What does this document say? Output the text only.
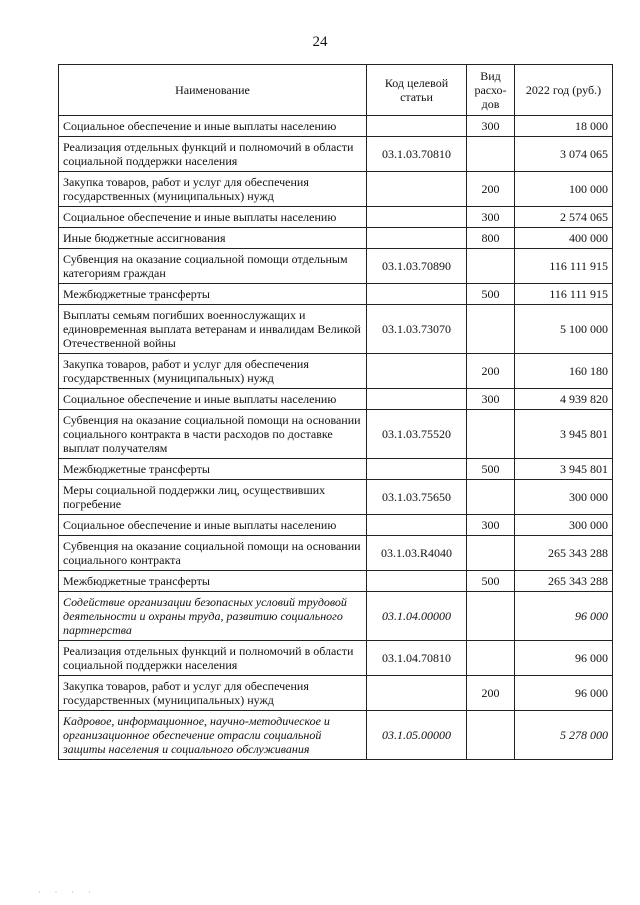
24
Наименование	Код целевой статьи	Вид расхо-дов	2022 год (руб.)
Социальное обеспечение и иные выплаты населению		300	18 000
Реализация отдельных функций и полномочий в области социальной поддержки населения	03.1.03.70810		3 074 065
Закупка товаров, работ и услуг для обеспечения государственных (муниципальных) нужд		200	100 000
Социальное обеспечение и иные выплаты населению		300	2 574 065
Иные бюджетные ассигнования		800	400 000
Субвенция на оказание социальной помощи отдельным категориям граждан	03.1.03.70890		116 111 915
Межбюджетные трансферты		500	116 111 915
Выплаты семьям погибших военнослужащих и единовременная выплата ветеранам и инвалидам Великой Отечественной войны	03.1.03.73070		5 100 000
Закупка товаров, работ и услуг для обеспечения государственных (муниципальных) нужд		200	160 180
Социальное обеспечение и иные выплаты населению		300	4 939 820
Субвенция на оказание социальной помощи на основании социального контракта в части расходов по доставке выплат получателям	03.1.03.75520		3 945 801
Межбюджетные трансферты		500	3 945 801
Меры социальной поддержки лиц, осуществивших погребение	03.1.03.75650		300 000
Социальное обеспечение и иные выплаты населению		300	300 000
Субвенция на оказание социальной помощи на основании социального контракта	03.1.03.R4040		265 343 288
Межбюджетные трансферты		500	265 343 288
Содействие организации безопасных условий трудовой деятельности и охраны труда, развитию социального партнерства	03.1.04.00000		96 000
Реализация отдельных функций и полномочий в области социальной поддержки населения	03.1.04.70810		96 000
Закупка товаров, работ и услуг для обеспечения государственных (муниципальных) нужд		200	96 000
Кадровое, информационное, научно-методическое и организационное обеспечение отрасли социальной защиты населения и социального обслуживания	03.1.05.00000		5 278 000
· · · ·
